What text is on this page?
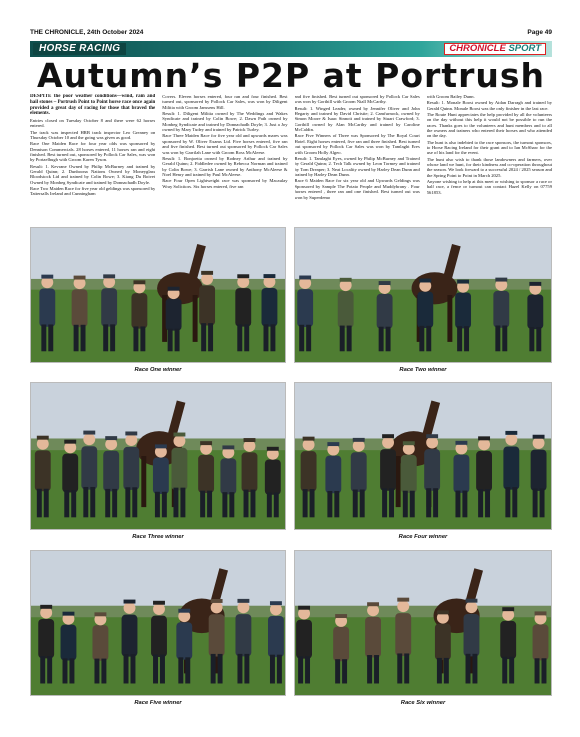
THE CHRONICLE, 24th October 2024	Page 49
HORSE RACING	CHRONICLE SPORT
Autumn’s P2P at Portrush

DESPITE the poor weather conditions—wind, rain and hail stones – Portrush Point to Point horse race once again provided a great day of racing for those that braved the elements.

Entries closed on Tuesday October 8 and there were 62 horses entered.

The track was inspected HRB track inspector Leo Greaney on Thursday October 10 and the going was given as good.

Race One Maiden Race for four year olds was sponsored by Dennison Commercials. 28 horses entered, 11 horses ran and eight finished. Best turned out, sponsored by Pollock Car Sales, was won by Portaelhugh with Groom Karen Tyson.

Result: 1. Kevrane Owned by Philip McBurney and trained by Gerald Quinn; 2. Dunboona Nations Owned by Moneyglass Bloodstock Ltd and trained by Colin Bowe; 3. Kiang Du Boivet Owned by Monbeg Syndicate and trained by Donnachadh Doyle.

Race Two Maiden Race for five year old geldings was sponsored by Tattersalls Ireland and Cunningham

Covers. Eleven horses entered, four ran and four finished. Best turned out, sponsored by Pollock Car Sales, was won by Diligent Militia with Groom Janssens Hill.

Result: 1. Diligent Militia owned by The Weddings and Wakes Syndicate and trained by Colin Bowe; 2. Dawn Path owned by Monbeg Syndicate and trained by Donnachadh Doyle; 3. Just a Joy owned by Mary Tudey and trained by Patrick Turley.

Race Three Maiden Race for five year old and upwards mares was sponsored by W. Oliver Exams Ltd. Five horses entered, five ran and five finished. Best turned out sponsored by Pollock Car Sales was won by Garrilah Lane with Groom Ross McAleese.

Result: 1. Bonjoetta owned by Rodney Arthur and trained by Gerald Quinn; 2. Fiddledee owned by Rebecca Norman and trained by Colin Bowe; 3. Garrish Lane owned by Anthony McAleese & Noel Henry and trained by Paul McAleese.

Race Four Open Lightweight race was sponsored by Macaulay Wray Solicitors. Six horses entered, five ran

and five finished. Best turned out sponsored by Pollock Car Sales was won by Gorthill with Groom Niall McCarthy.

Result: 1. Winged Leader, owned by Jennifer Oliver and John Hegarty and trained by David Christie; 2. Camfurnock, owned by Simon Moore & Isaac Sinnott and trained by Stuart Crawford; 3. Gorthill owned by Alan McCarthy and trained by Caroline McCaldin.

Race Five Winners of Three was Sponsored by The Royal Court Hotel. Eight horses entered, five ran and three finished. Best turned out sponsored by Pollock Car Sales was won by Tamlaght Eres with Groom Holly Algeo.

Result: 1. Tamlaght Eyes, owned by Philip McBurney and Trained by Gerald Quinn; 2. Tech Talk owned by Leon Tormey and trained by Tom Dreaper; 3. Neat Locality owned by Harley Dean Dunn and trained by Harley Dean Dunn.

Race 6 Maiden Race for six year old and Upwards Geldings was Sponsored by Sample The Potato People and Muddybrany . Four horses entered , three ran and one finished. Best turned out was won by Superdemo

with Groom Bailey Dunn.

Result: 1. Monale Boost owned by Aidan Darragh and trained by Gerald Quinn. Monale Boost was the only finisher in the last race.

The Route Hunt appreciates the help provided by all the volunteers on the day without this help it would not be possible to run the races. Thanks goes to the volunteers and hunt members and to all the owners and trainers who entered their horses and who attended on the day.

The hunt is also indebted to the race sponsors, the turnout sponsors, to Horse Racing Ireland for their grant and to Ian McShaw for the use of his land for the event.

The hunt also wish to thank those landowners and farmers, over whose land we hunt, for their kindness and co-operation throughout the season. We look forward to a successful 2024 / 2025 season and the Spring Point to Point in March 2025.

Anyone wishing to help at this meet or wishing to sponsor a race or half race, a fence or turnout can contact Hazel Kelly on 07759 561853.

Race One winner	Race Two winner
Race Three winner	Race Four winner
Race Five winner	Race Six winner
